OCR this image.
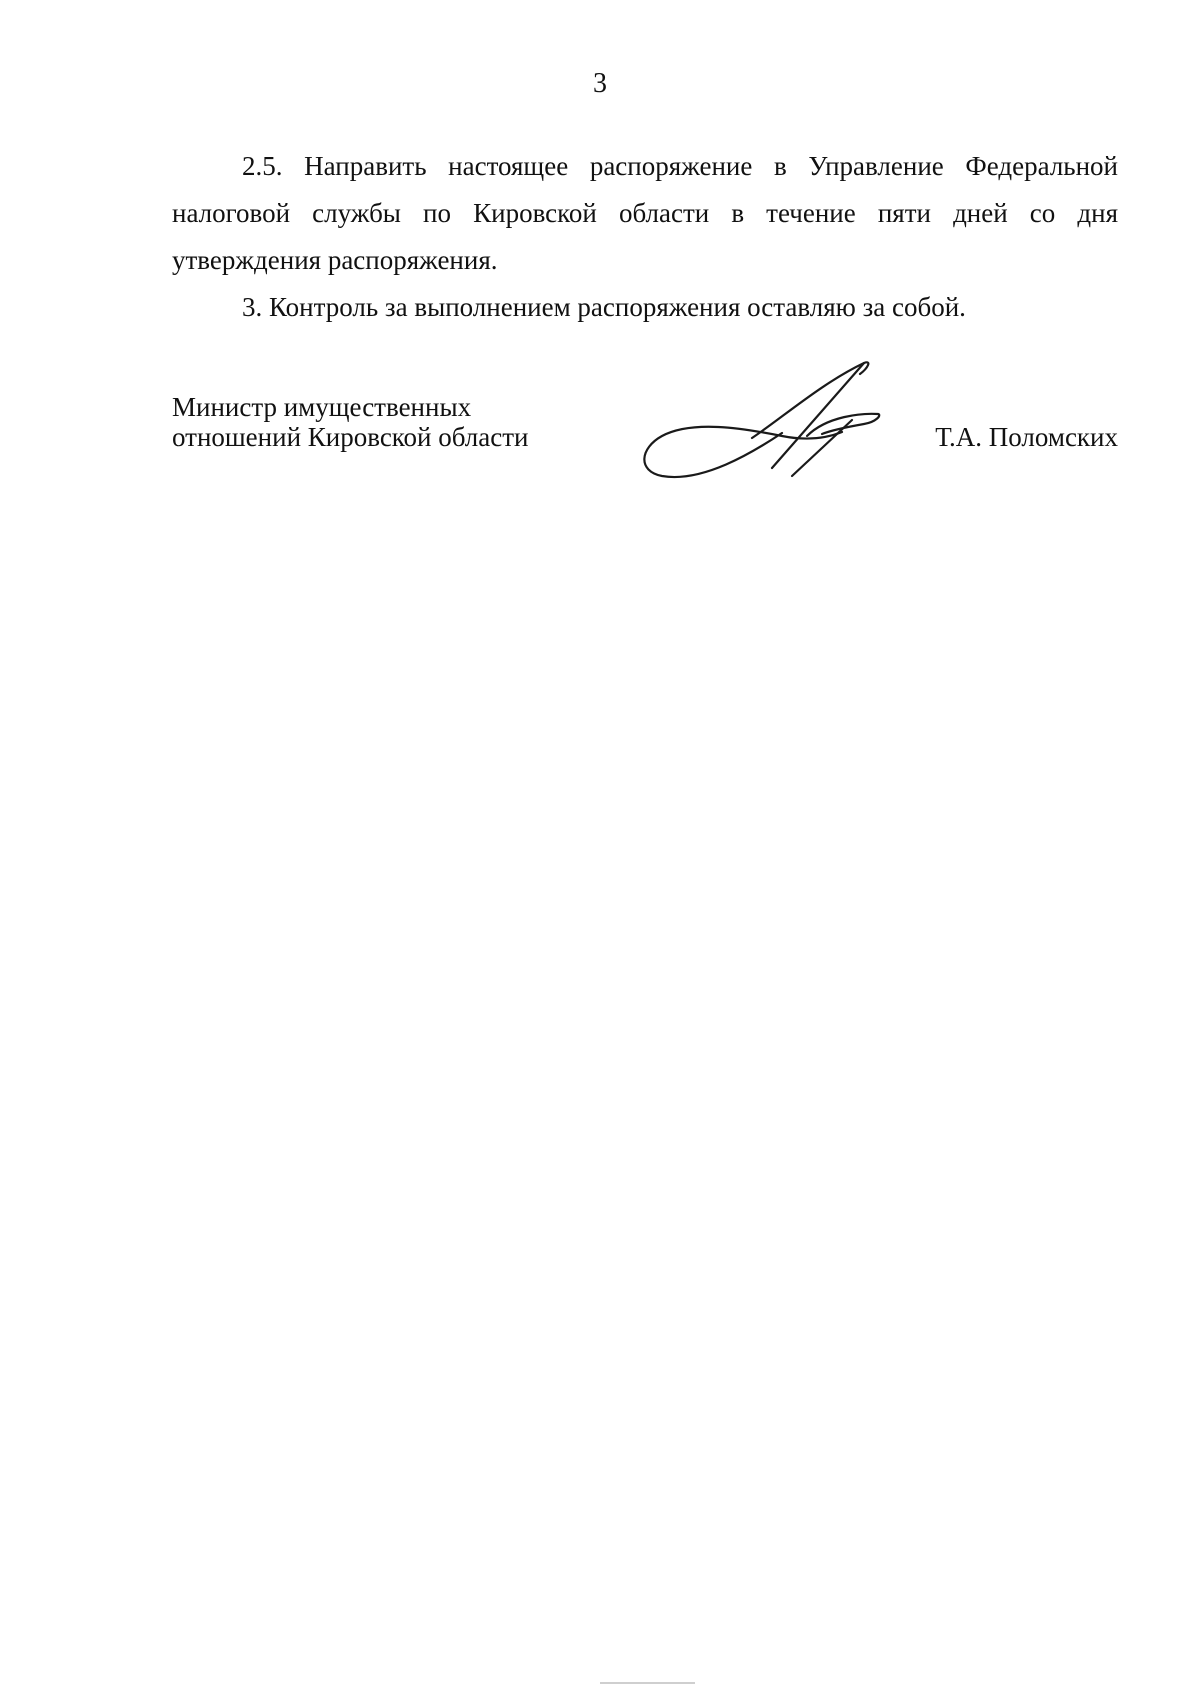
3

2.5. Направить настоящее распоряжение в Управление Федеральной налоговой службы по Кировской области в течение пяти дней со дня утверждения распоряжения.

3. Контроль за выполнением распоряжения оставляю за собой.

Министр имущественных
отношений Кировской области	Т.А. Поломских
